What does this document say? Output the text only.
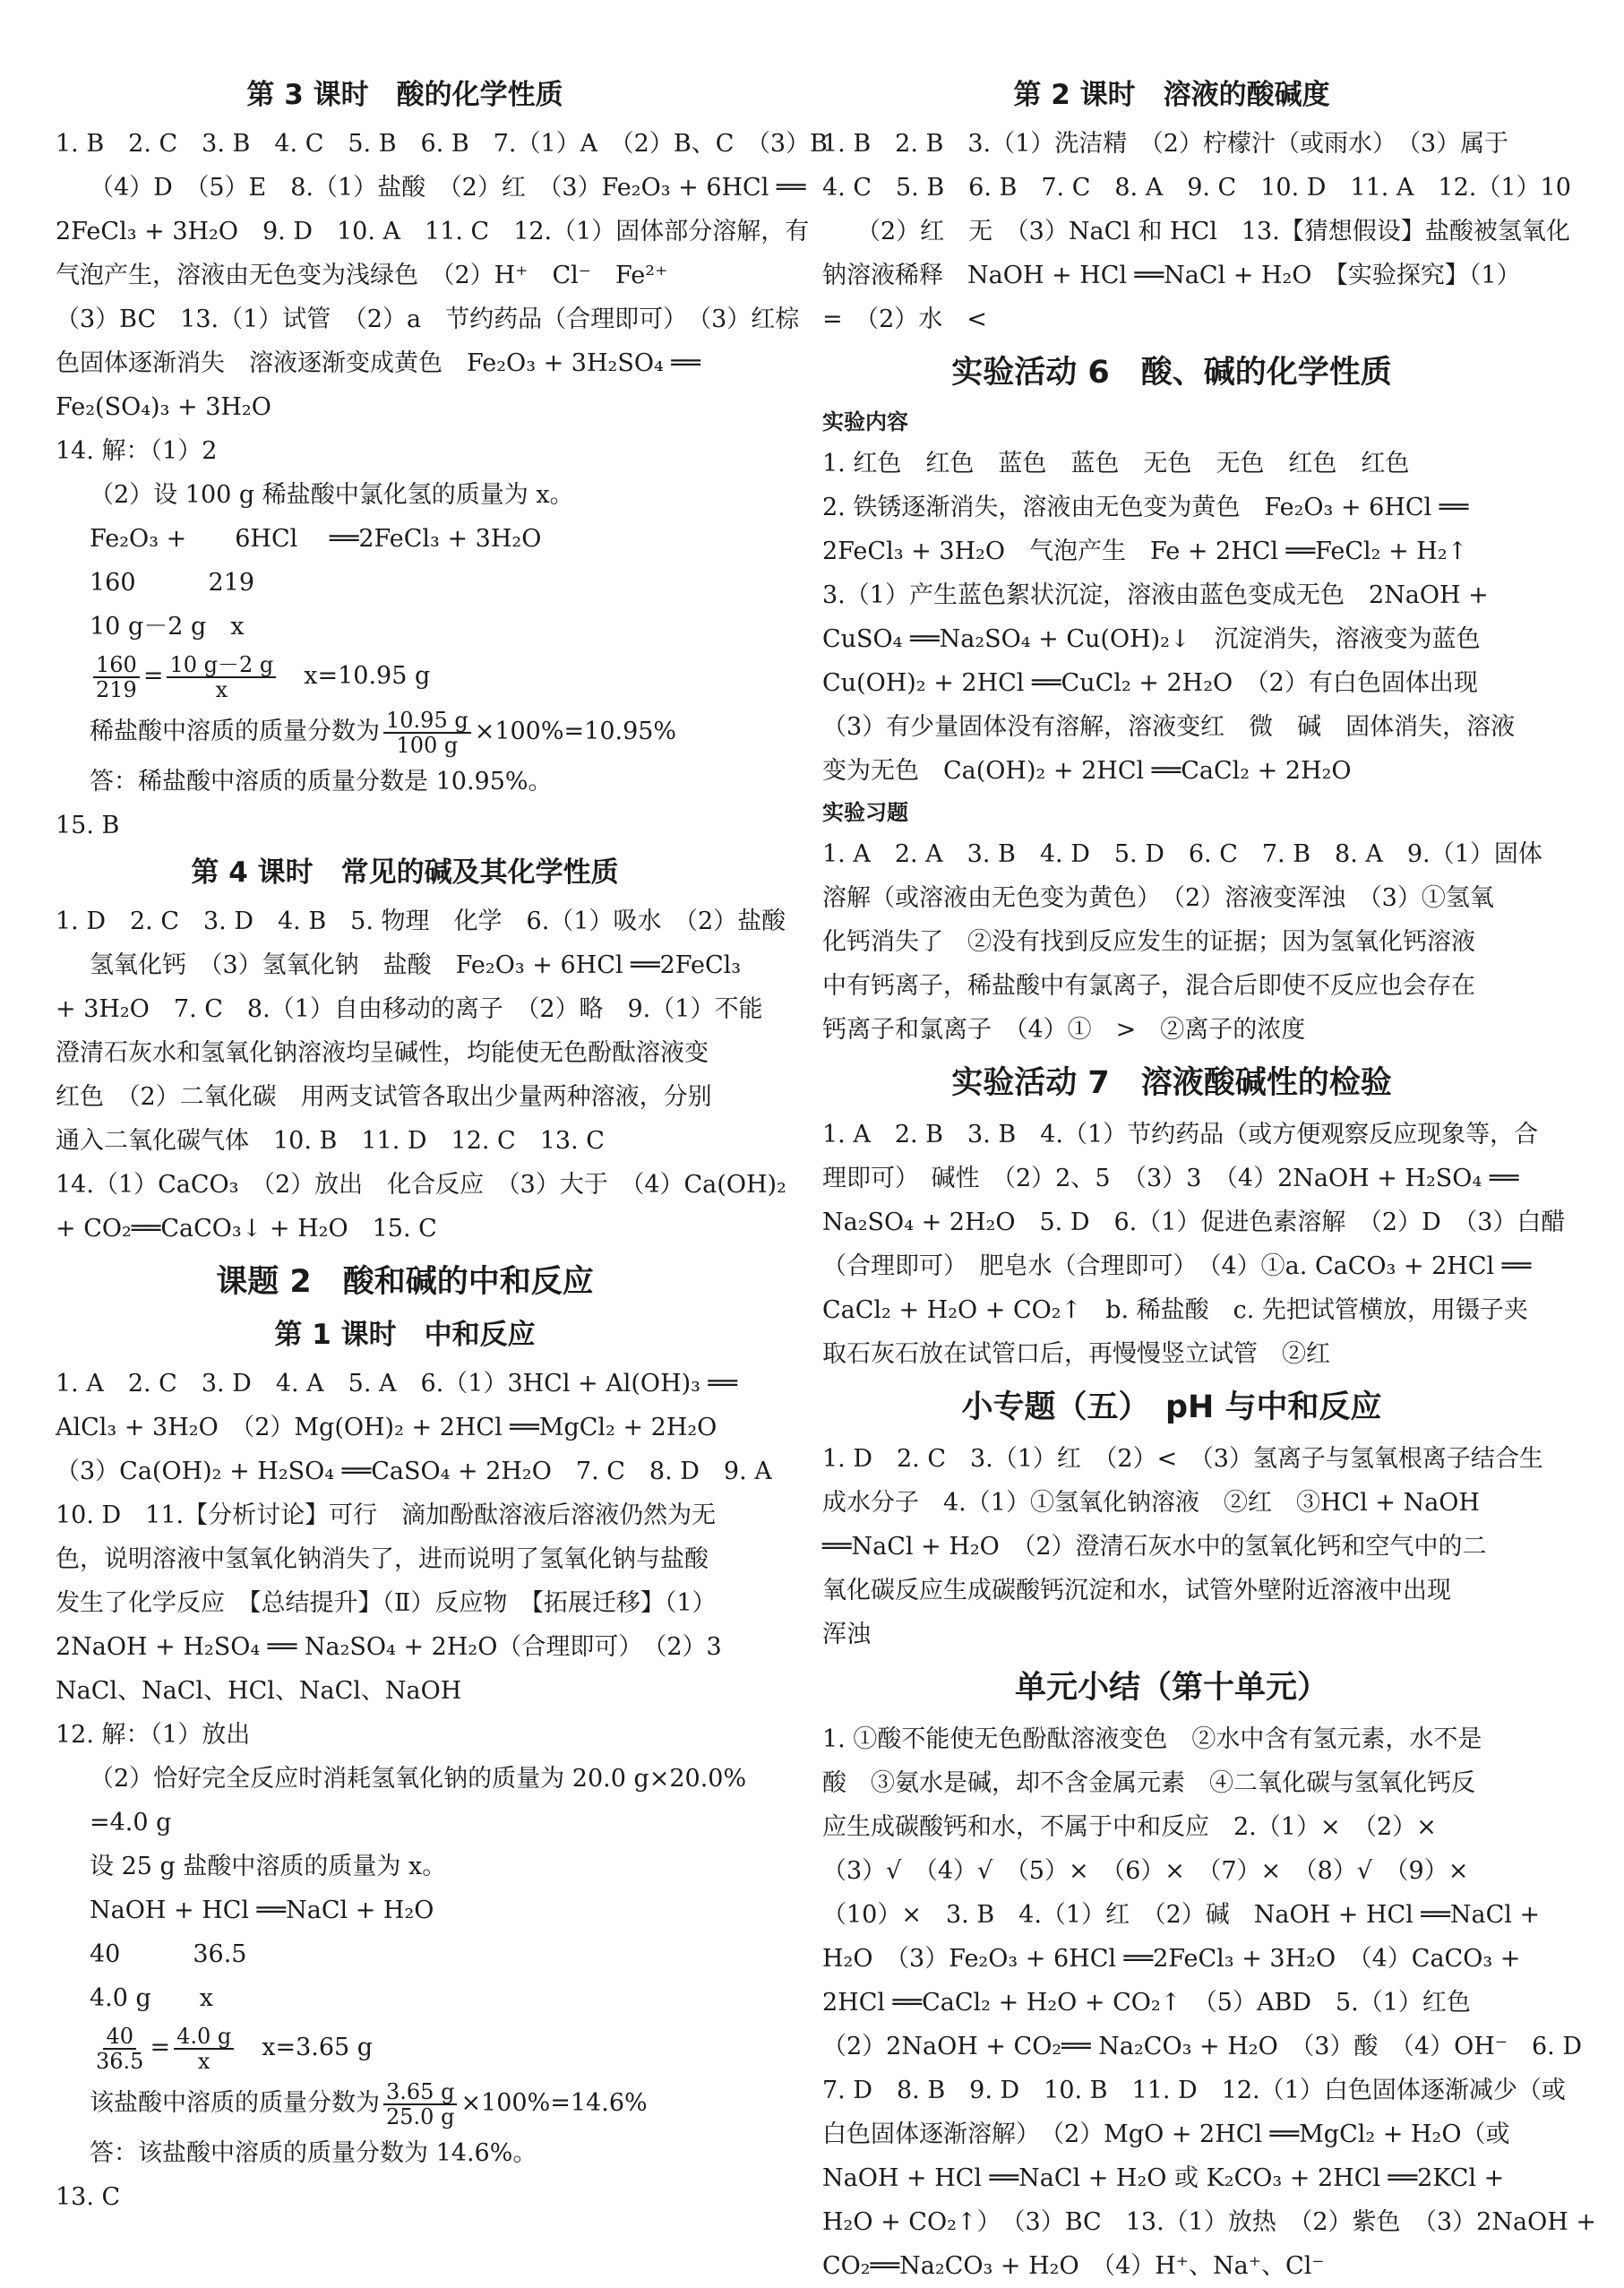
第 3 课时　酸的化学性质

1. B　2. C　3. B　4. C　5. B　6. B　7.（1）A　（2）B、C　（3）B

（4）D　（5）E　8.（1）盐酸　（2）红　（3）Fe₂O₃ + 6HCl ══

2FeCl₃ + 3H₂O　9. D　10. A　11. C　12.（1）固体部分溶解，有

气泡产生，溶液由无色变为浅绿色　（2）H⁺　Cl⁻　Fe²⁺

（3）BC　13.（1）试管　（2）a　节约药品（合理即可）　（3）红棕

色固体逐渐消失　溶液逐渐变成黄色　Fe₂O₃ + 3H₂SO₄ ══

Fe₂(SO₄)₃ + 3H₂O

14. 解：（1）2

（2）设 100 g 稀盐酸中氯化氢的质量为 x。

Fe₂O₃ +　　6HCl　 ══2FeCl₃ + 3H₂O

160　　　219

10 g－2 g　x

$\frac{160}{219} = \frac{10 g-2 g}{x}$
　 x=10.95 g
稀盐酸中溶质的质量分数为 $\frac{10.95 g}{100 g} \times 100\%=10.95\%$

答：稀盐酸中溶质的质量分数是 10.95%。

15. B

第 4 课时　常见的碱及其化学性质

1. D　2. C　3. D　4. B　5. 物理　化学　6.（1）吸水　（2）盐酸

氢氧化钙　（3）氢氧化钠　盐酸　Fe₂O₃ + 6HCl ══2FeCl₃

+ 3H₂O　7. C　8.（1）自由移动的离子　（2）略　9.（1）不能

澄清石灰水和氢氧化钠溶液均呈碱性，均能使无色酚酞溶液变

红色　（2）二氧化碳　用两支试管各取出少量两种溶液，分别

通入二氧化碳气体　10. B　11. D　12. C　13. C

14.（1）CaCO₃　（2）放出　化合反应　（3）大于　（4）Ca(OH)₂

+ CO₂══CaCO₃↓ + H₂O　15. C

课题 2　酸和碱的中和反应
第 1 课时　中和反应

1. A　2. C　3. D　4. A　5. A　6.（1）3HCl + Al(OH)₃ ══

AlCl₃ + 3H₂O　（2）Mg(OH)₂ + 2HCl ══MgCl₂ + 2H₂O

（3）Ca(OH)₂ + H₂SO₄ ══CaSO₄ + 2H₂O　7. C　8. D　9. A

10. D　11.【分析讨论】可行　滴加酚酞溶液后溶液仍然为无

色，说明溶液中氢氧化钠消失了，进而说明了氢氧化钠与盐酸

发生了化学反应　【总结提升】（Ⅱ）反应物　【拓展迁移】（1）

2NaOH + H₂SO₄ ══ Na₂SO₄ + 2H₂O（合理即可）　（2）3

NaCl、NaCl、HCl、NaCl、NaOH

12. 解：（1）放出

（2）恰好完全反应时消耗氢氧化钠的质量为 20.0 g×20.0%

=4.0 g

设 25 g 盐酸中溶质的质量为 x。

NaOH + HCl ══NaCl + H₂O

40　　　36.5

4.0 g　　x

$\frac{40}{36.5} = \frac{4.0 g}{x}$
　 x=3.65 g
该盐酸中溶质的质量分数为 $\frac{3.65 g}{25.0 g} \times 100\%=14.6\%$

答：该盐酸中溶质的质量分数为 14.6%。

13. C

第 2 课时　溶液的酸碱度

1. B　2. B　3.（1）洗洁精　（2）柠檬汁（或雨水）　（3）属于

4. C　5. B　6. B　7. C　8. A　9. C　10. D　11. A　12.（1）10

（2）红　无　（3）NaCl 和 HCl　13.【猜想假设】盐酸被氢氧化

钠溶液稀释　NaOH + HCl ══NaCl + H₂O　【实验探究】（1）

=　（2）水　<

实验活动 6　酸、碱的化学性质

实验内容

1. 红色　红色　蓝色　蓝色　无色　无色　红色　红色

2. 铁锈逐渐消失，溶液由无色变为黄色　Fe₂O₃ + 6HCl ══

2FeCl₃ + 3H₂O　气泡产生　Fe + 2HCl ══FeCl₂ + H₂↑

3.（1）产生蓝色絮状沉淀，溶液由蓝色变成无色　2NaOH +

CuSO₄ ══Na₂SO₄ + Cu(OH)₂↓　沉淀消失，溶液变为蓝色

Cu(OH)₂ + 2HCl ══CuCl₂ + 2H₂O　（2）有白色固体出现

（3）有少量固体没有溶解，溶液变红　微　碱　固体消失，溶液

变为无色　Ca(OH)₂ + 2HCl ══CaCl₂ + 2H₂O

实验习题

1. A　2. A　3. B　4. D　5. D　6. C　7. B　8. A　9.（1）固体

溶解（或溶液由无色变为黄色）　（2）溶液变浑浊　（3）①氢氧

化钙消失了　②没有找到反应发生的证据；因为氢氧化钙溶液

中有钙离子，稀盐酸中有氯离子，混合后即使不反应也会存在

钙离子和氯离子　（4）①　>　②离子的浓度

实验活动 7　溶液酸碱性的检验

1. A　2. B　3. B　4.（1）节约药品（或方便观察反应现象等，合

理即可）　碱性　（2）2、5　（3）3　（4）2NaOH + H₂SO₄ ══

Na₂SO₄ + 2H₂O　5. D　6.（1）促进色素溶解　（2）D　（3）白醋

（合理即可）　肥皂水（合理即可）　（4）①a. CaCO₃ + 2HCl ══

CaCl₂ + H₂O + CO₂↑　b. 稀盐酸　c. 先把试管横放，用镊子夹

取石灰石放在试管口后，再慢慢竖立试管　②红

小专题（五）　pH 与中和反应

1. D　2. C　3.（1）红　（2）<　（3）氢离子与氢氧根离子结合生

成水分子　4.（1）①氢氧化钠溶液　②红　③HCl + NaOH

══NaCl + H₂O　（2）澄清石灰水中的氢氧化钙和空气中的二

氧化碳反应生成碳酸钙沉淀和水，试管外壁附近溶液中出现

浑浊

单元小结（第十单元）

1. ①酸不能使无色酚酞溶液变色　②水中含有氢元素，水不是

酸　③氨水是碱，却不含金属元素　④二氧化碳与氢氧化钙反

应生成碳酸钙和水，不属于中和反应　2.（1）×　（2）×

（3）√　（4）√　（5）×　（6）×　（7）×　（8）√　（9）×

（10）×　3. B　4.（1）红　（2）碱　NaOH + HCl ══NaCl +

H₂O　（3）Fe₂O₃ + 6HCl ══2FeCl₃ + 3H₂O　（4）CaCO₃ +

2HCl ══CaCl₂ + H₂O + CO₂↑　（5）ABD　5.（1）红色

（2）2NaOH + CO₂══ Na₂CO₃ + H₂O　（3）酸　（4）OH⁻　6. D

7. D　8. B　9. D　10. B　11. D　12.（1）白色固体逐渐减少（或

白色固体逐渐溶解）　（2）MgO + 2HCl ══MgCl₂ + H₂O（或

NaOH + HCl ══NaCl + H₂O 或 K₂CO₃ + 2HCl ══2KCl +

H₂O + CO₂↑）　（3）BC　13.（1）放热　（2）紫色　（3）2NaOH +

CO₂══Na₂CO₃ + H₂O　（4）H⁺、Na⁺、Cl⁻
